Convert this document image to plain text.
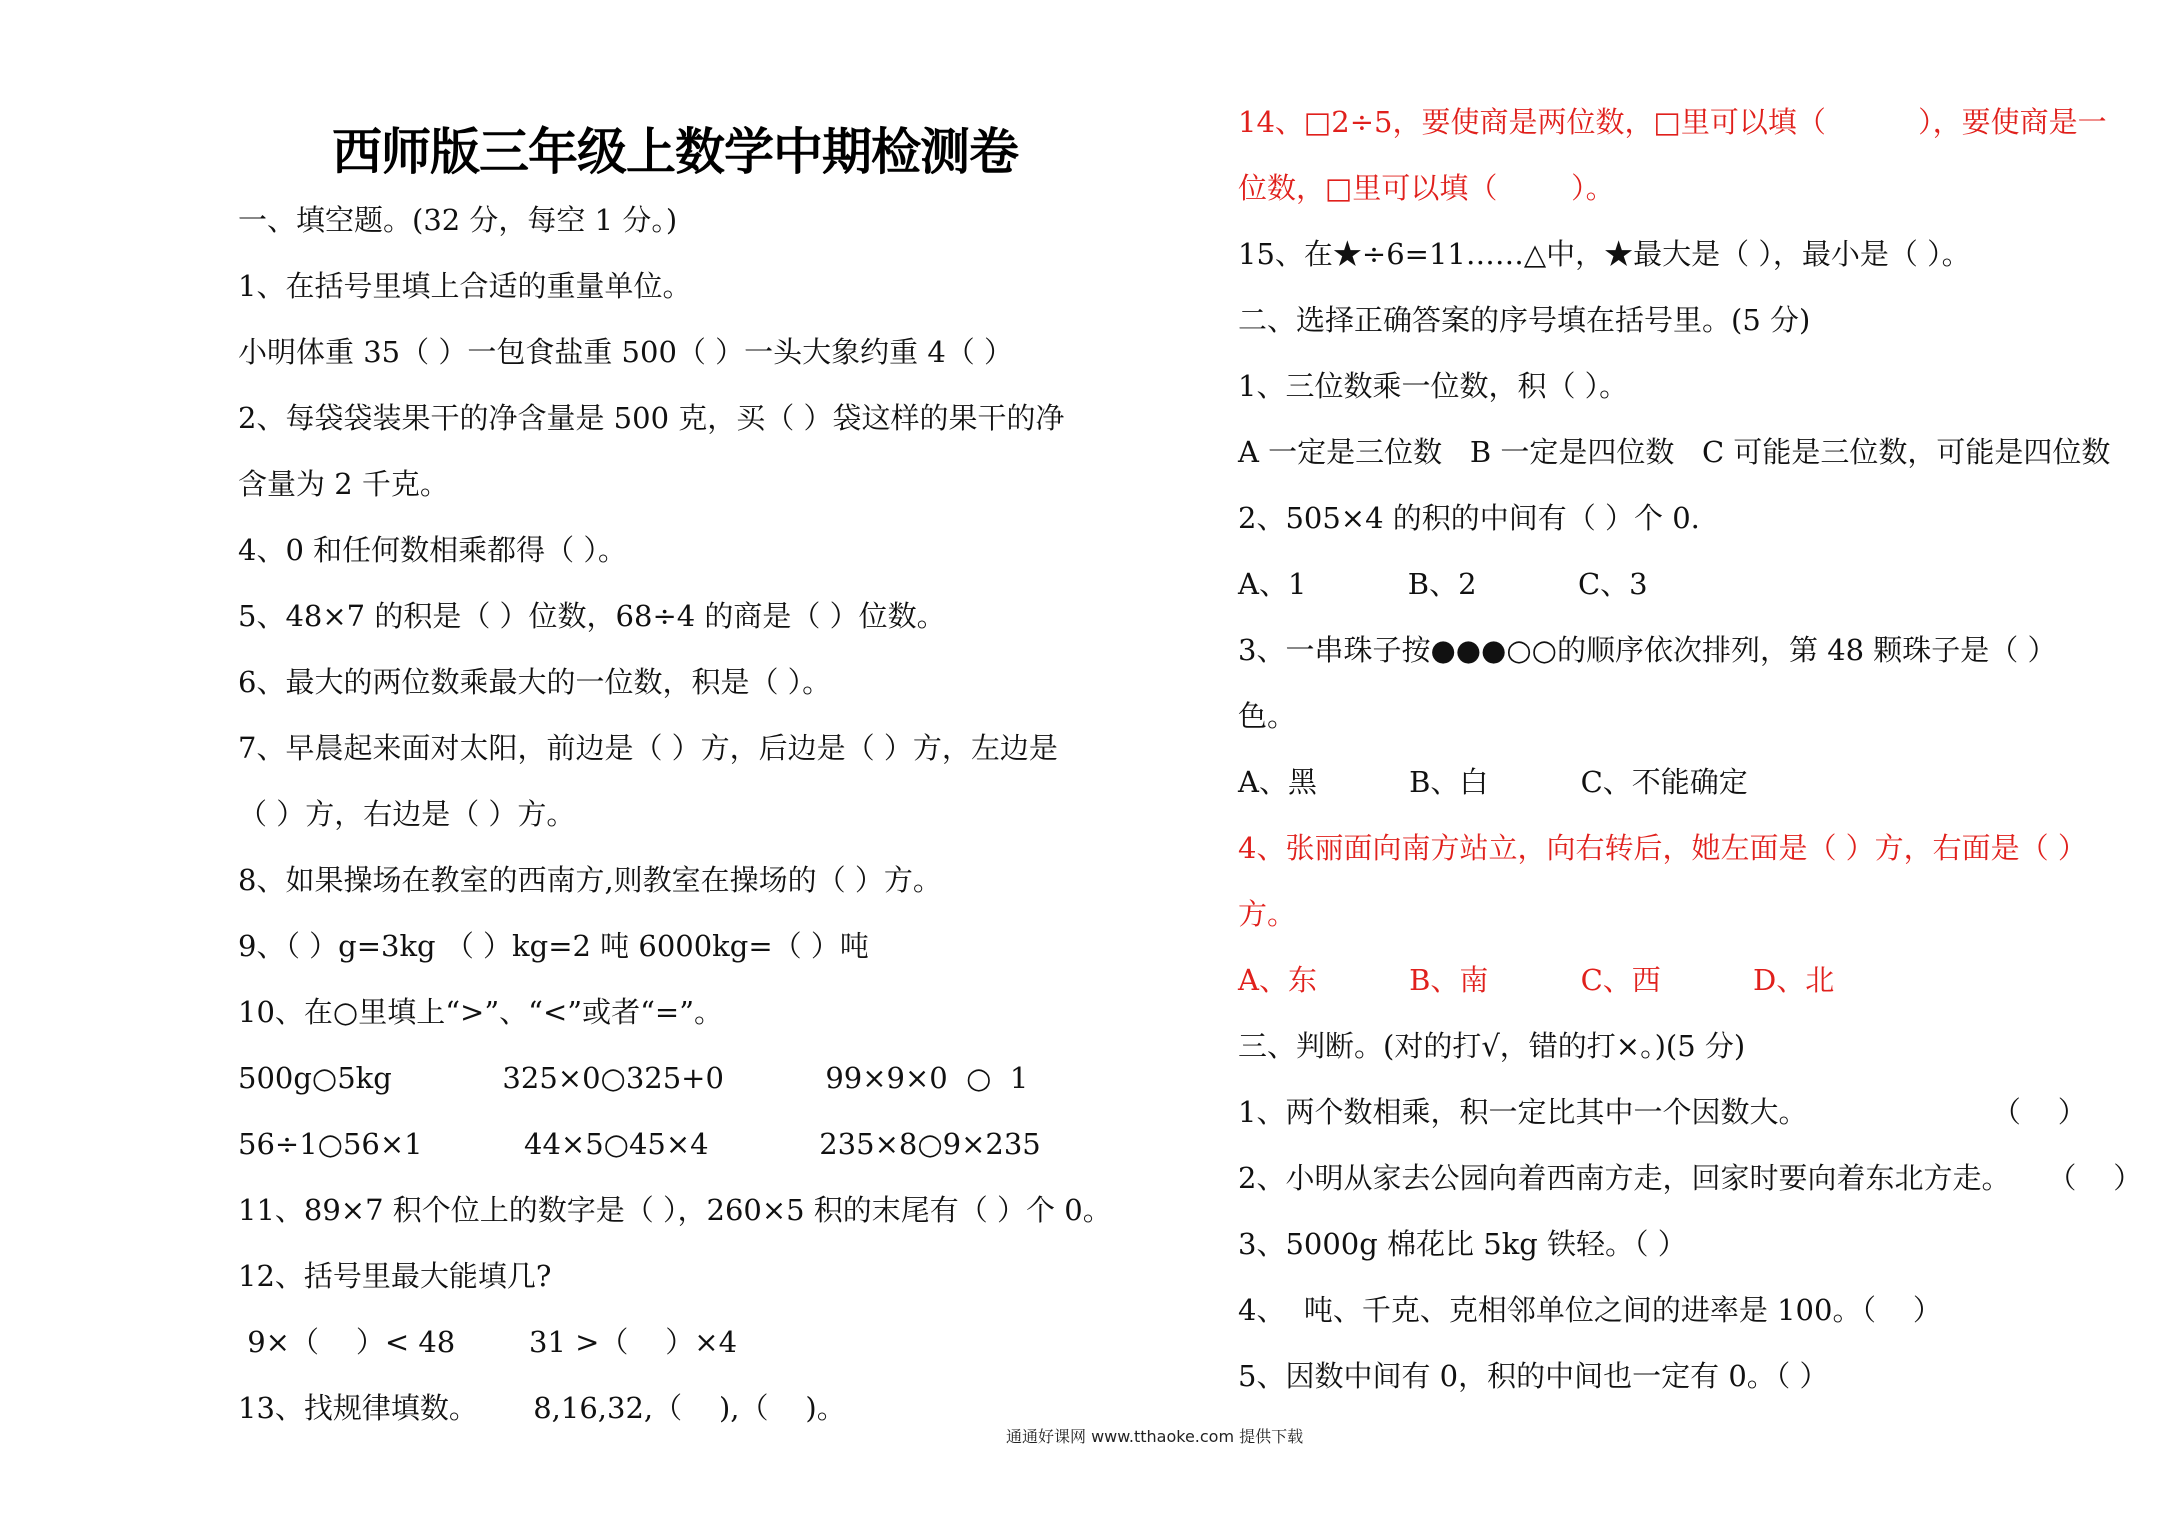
西师版三年级上数学中期检测卷
一、填空题。(32 分，每空 1 分。)
1、在括号里填上合适的重量单位。
小明体重 35（ ）一包食盐重 500（ ）一头大象约重 4（ ）
2、每袋袋装果干的净含量是 500 克，买（ ）袋这样的果干的净
含量为 2 千克。
4、0 和任何数相乘都得（ ）。
5、48×7 的积是（ ）位数，68÷4 的商是（ ）位数。
6、最大的两位数乘最大的一位数，积是（ ）。
7、早晨起来面对太阳，前边是（ ）方，后边是（ ）方，左边是
（ ）方，右边是（ ）方。
8、如果操场在教室的西南方,则教室在操场的（ ）方。
9、（ ）g=3kg （ ）kg=2 吨 6000kg=（ ）吨
10、在○里填上“>”、“<”或者“=”。
500g○5kg            325×0○325+0           99×9×0  ○  1
56÷1○56×1           44×5○45×4            235×8○9×235
11、89×7 积个位上的数字是（ ），260×5 积的末尾有（ ）个 0。
12、括号里最大能填几?
9×（    ）< 48        31 >（    ）×4
13、找规律填数。      8,16,32,（    ),（    )。
14、□2÷5，要使商是两位数，□里可以填（          ），要使商是一
位数，□里可以填（        ）。
15、在★÷6=11……△中，★最大是（ ），最小是（ ）。
二、选择正确答案的序号填在括号里。(5 分)
1、三位数乘一位数，积（ ）。
A 一定是三位数   B 一定是四位数   C 可能是三位数，可能是四位数
2、505×4 的积的中间有（ ）个 0.
A、1           B、2           C、3
3、一串珠子按●●●○○的顺序依次排列，第 48 颗珠子是（ ）
色。
A、黑          B、白          C、不能确定
4、张丽面向南方站立，向右转后，她左面是（ ）方，右面是（ ）
方。
A、东          B、南          C、西          D、北
三、判断。(对的打√，错的打×。)(5 分)
1、两个数相乘，积一定比其中一个因数大。                    （    ）
2、小明从家去公园向着西南方走，回家时要向着东北方走。    （    ）
3、5000g 棉花比 5kg 铁轻。（ ）
4、  吨、千克、克相邻单位之间的进率是 100。（    ）
5、因数中间有 0，积的中间也一定有 0。（ ）
通通好课网 www.tthaoke.com 提供下载
